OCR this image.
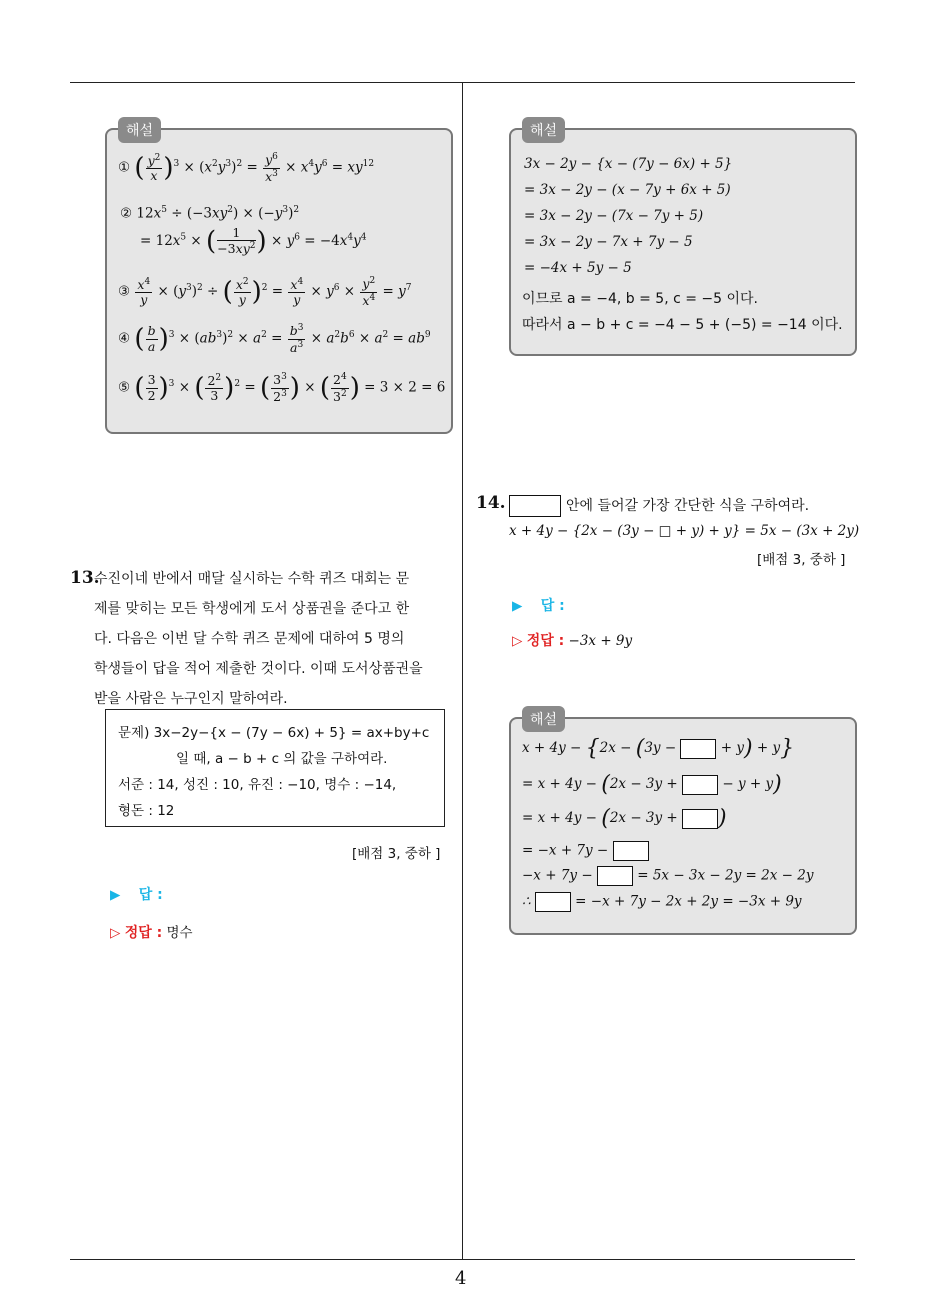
4
해설
① ( $\frac{y^2}{x} )^3 \times (x^2y^3)^2 = \frac{y^6}{x^3} \times x^4y^6 = xy^{12}$
② $12x^5 \div (-3xy^2) \times (-y^3)^2$
= $12x^5$ × ( $\frac{1}{-3xy^2}$ ) × $y^6 = -4x^4y^4$
③ $\frac{x^4}{y} \times (y^3)^2$ ÷ ( $\frac{x^2}{y} )^2 = \frac{x^4}{y} \times y^6 \times \frac{y^2}{x^4} = y^7$
④ ( $\frac{b}{a} )^3 \times (ab^3)^2 \times a^2 = \frac{b^3}{a^3} \times a^2b^6 \times a^2 = ab^9$
⑤ ( $\frac{3}{2} )^3$ × ( $\frac{2^2}{3} )^2$ = ( $\frac{3^3}{2^3}$ ) × ( $\frac{2^4}{3^2}$ ) = 3 × 2 = 6
13.
수진이네 반에서 매달 실시하는 수학 퀴즈 대회는 문
제를 맞히는 모든 학생에게 도서 상품권을 준다고 한
다. 다음은 이번 달 수학 퀴즈 문제에 대하여 5 명의
학생들이 답을 적어 제출한 것이다. 이때 도서상품권을
받을 사람은 누구인지 말하여라.
문제) 3x−2y−{x − (7y − 6x) + 5} = ax+by+c
일 때, a − b + c 의 값을 구하여라.
서준 : 14, 성진 : 10, 유진 : −10, 명수 : −14,
형돈 : 12
[배점 3, 중하 ]
▶ 답 :
▷ 정답 : 명수
해설
3x − 2y − {x − (7y − 6x) + 5}
= 3x − 2y − (x − 7y + 6x + 5)
= 3x − 2y − (7x − 7y + 5)
= 3x − 2y − 7x + 7y − 5
= −4x + 5y − 5
이므로 a = −4, b = 5, c = −5 이다.
따라서 a − b + c = −4 − 5 + (−5) = −14 이다.
14.	안에 들어갈 가장 간단한 식을 구하여라.
x + 4y − {2x − (3y − □ + y) + y} = 5x − (3x + 2y)
[배점 3, 중하 ]
▶ 답 :
▷ 정답 : −3x + 9y
해설
x + 4y − {2x − (3y −	+ y) + y}
= x + 4y − (2x − 3y +	− y + y)
= x + 4y − (2x − 3y + )
= −x + 7y −
−x + 7y −	= 5x − 3x − 2y = 2x − 2y
∴	= −x + 7y − 2x + 2y = −3x + 9y
